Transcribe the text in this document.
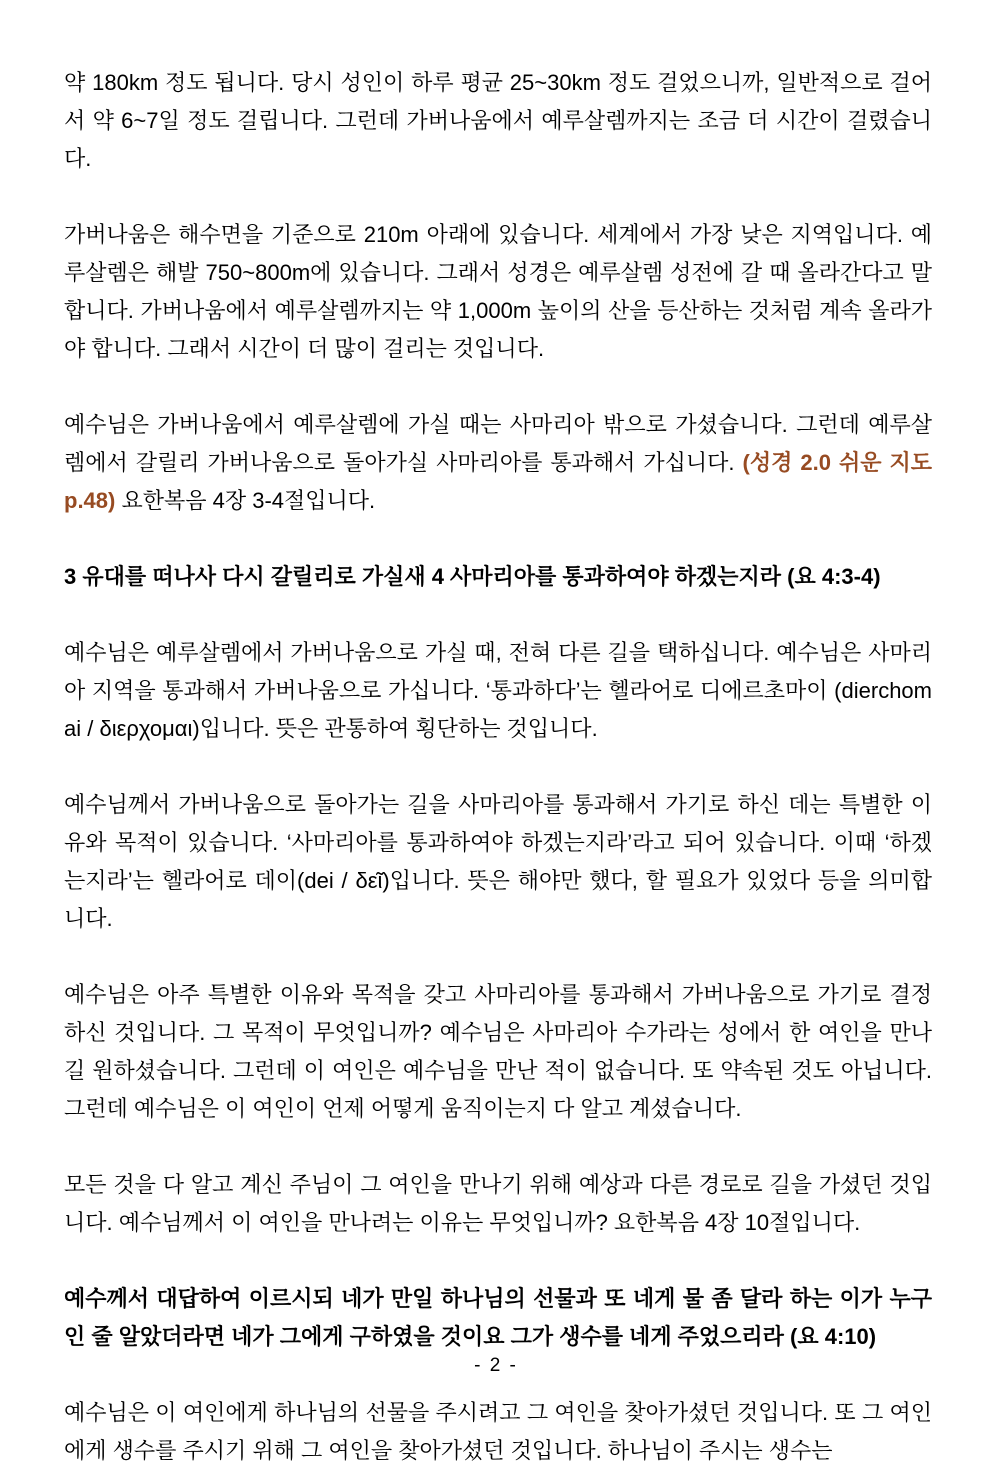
약 180km 정도 됩니다. 당시 성인이 하루 평균 25~30km 정도 걸었으니까, 일반적으로 걸어서 약 6~7일 정도 걸립니다. 그런데 가버나움에서 예루살렘까지는 조금 더 시간이 걸렸습니다.

가버나움은 해수면을 기준으로 210m 아래에 있습니다. 세계에서 가장 낮은 지역입니다. 예루살렘은 해발 750~800m에 있습니다. 그래서 성경은 예루살렘 성전에 갈 때 올라간다고 말합니다. 가버나움에서 예루살렘까지는 약 1,000m 높이의 산을 등산하는 것처럼 계속 올라가야 합니다. 그래서 시간이 더 많이 걸리는 것입니다.

예수님은 가버나움에서 예루살렘에 가실 때는 사마리아 밖으로 가셨습니다. 그런데 예루살렘에서 갈릴리 가버나움으로 돌아가실 사마리아를 통과해서 가십니다. (성경 2.0 쉬운 지도 p.48) 요한복음 4장 3-4절입니다.

3 유대를 떠나사 다시 갈릴리로 가실새 4 사마리아를 통과하여야 하겠는지라 (요 4:3-4)

예수님은 예루살렘에서 가버나움으로 가실 때, 전혀 다른 길을 택하십니다. 예수님은 사마리아 지역을 통과해서 가버나움으로 가십니다. ‘통과하다’는 헬라어로 디에르초마이 (dierchomai / διερχομαι)입니다. 뜻은 관통하여 횡단하는 것입니다.

예수님께서 가버나움으로 돌아가는 길을 사마리아를 통과해서 가기로 하신 데는 특별한 이유와 목적이 있습니다. ‘사마리아를 통과하여야 하겠는지라’라고 되어 있습니다. 이때 ‘하겠는지라’는 헬라어로 데이(dei / δεῖ)입니다. 뜻은 해야만 했다, 할 필요가 있었다 등을 의미합니다.

예수님은 아주 특별한 이유와 목적을 갖고 사마리아를 통과해서 가버나움으로 가기로 결정하신 것입니다. 그 목적이 무엇입니까? 예수님은 사마리아 수가라는 성에서 한 여인을 만나길 원하셨습니다. 그런데 이 여인은 예수님을 만난 적이 없습니다. 또 약속된 것도 아닙니다. 그런데 예수님은 이 여인이 언제 어떻게 움직이는지 다 알고 계셨습니다.

모든 것을 다 알고 계신 주님이 그 여인을 만나기 위해 예상과 다른 경로로 길을 가셨던 것입니다. 예수님께서 이 여인을 만나려는 이유는 무엇입니까? 요한복음 4장 10절입니다.

예수께서 대답하여 이르시되 네가 만일 하나님의 선물과 또 네게 물 좀 달라 하는 이가 누구인 줄 알았더라면 네가 그에게 구하였을 것이요 그가 생수를 네게 주었으리라 (요 4:10)

예수님은 이 여인에게 하나님의 선물을 주시려고 그 여인을 찾아가셨던 것입니다. 또 그 여인에게 생수를 주시기 위해 그 여인을 찾아가셨던 것입니다. 하나님이 주시는 생수는

- 2 -
